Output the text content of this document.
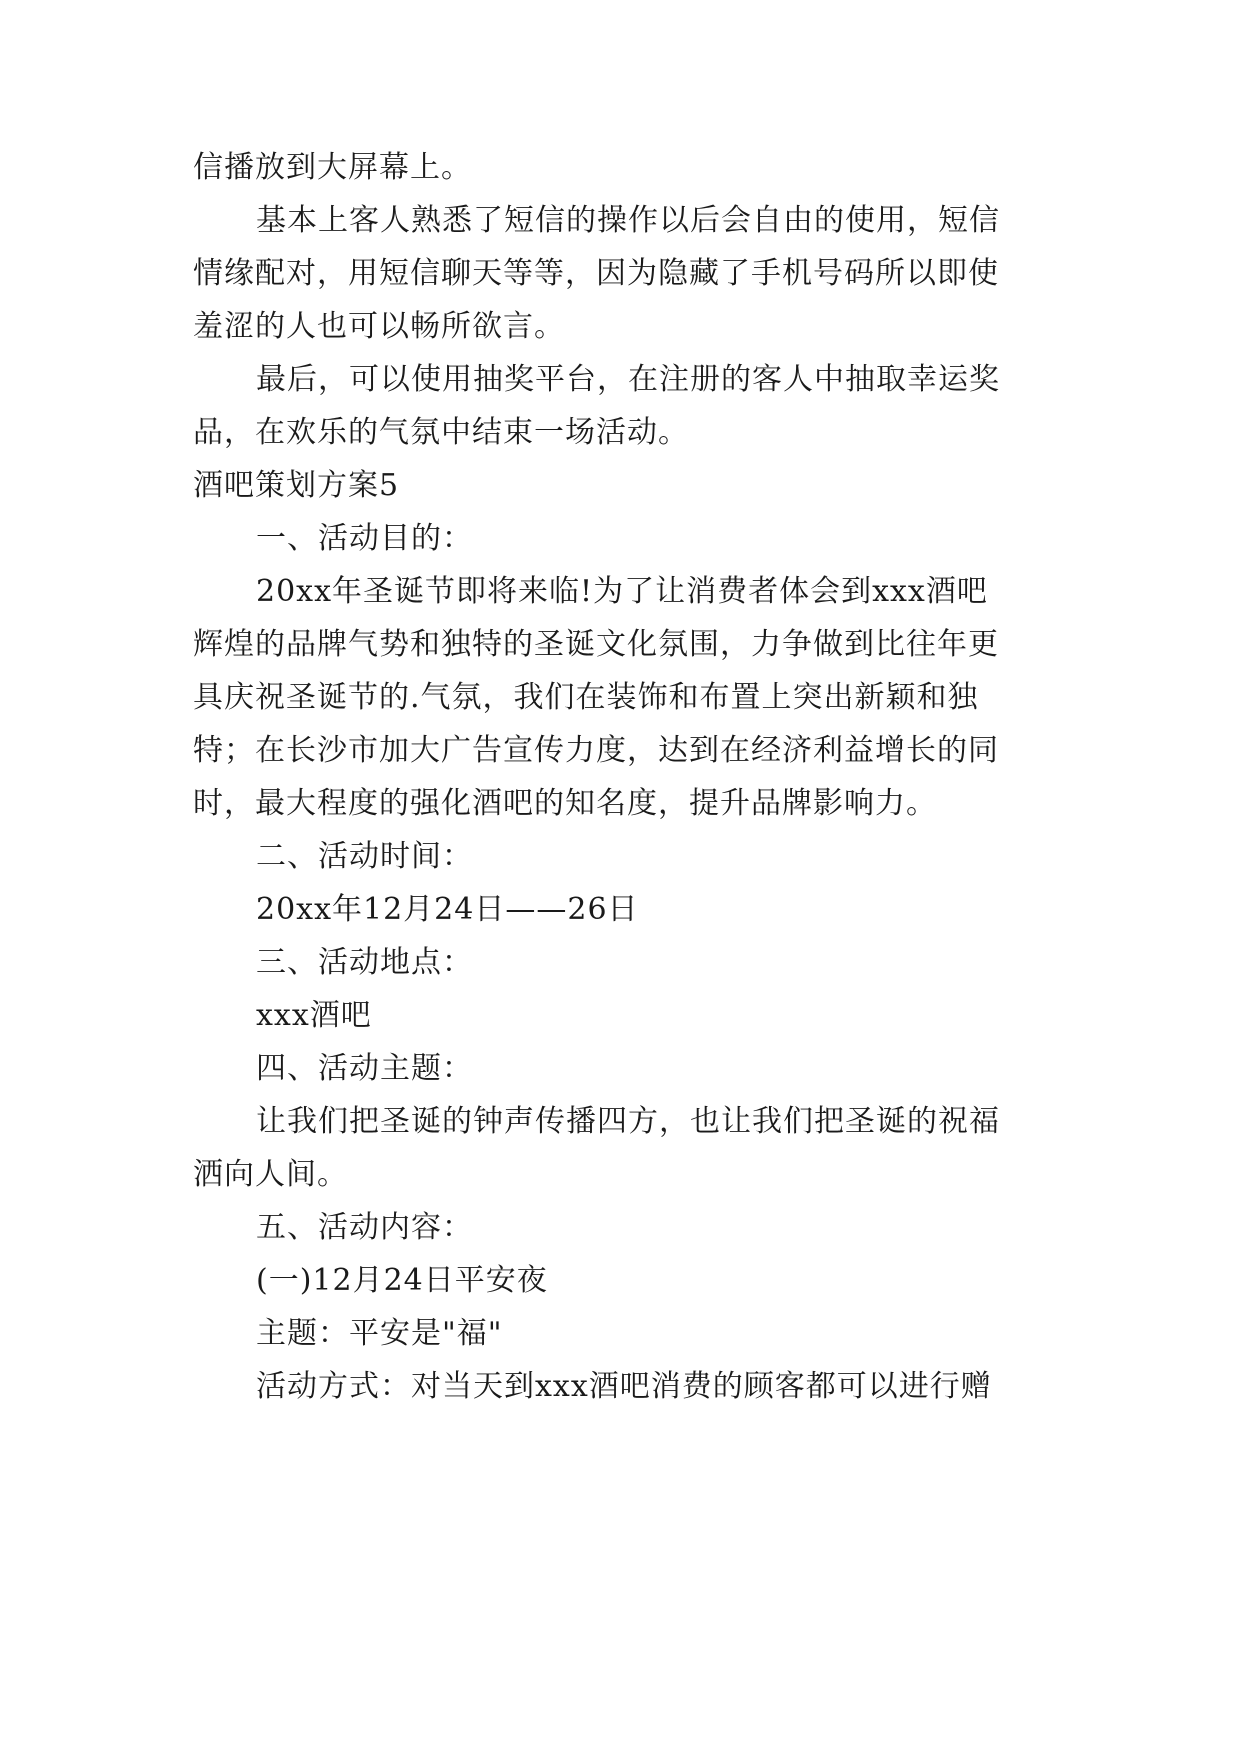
信播放到大屏幕上。
基本上客人熟悉了短信的操作以后会自由的使用，短信
情缘配对，用短信聊天等等，因为隐藏了手机号码所以即使
羞涩的人也可以畅所欲言。
最后，可以使用抽奖平台，在注册的客人中抽取幸运奖
品，在欢乐的气氛中结束一场活动。
酒吧策划方案5
一、活动目的：
20xx年圣诞节即将来临!为了让消费者体会到xxx酒吧
辉煌的品牌气势和独特的圣诞文化氛围，力争做到比往年更
具庆祝圣诞节的.气氛，我们在装饰和布置上突出新颖和独
特；在长沙市加大广告宣传力度，达到在经济利益增长的同
时，最大程度的强化酒吧的知名度，提升品牌影响力。
二、活动时间：
20xx年12月24日——26日
三、活动地点：
xxx酒吧
四、活动主题：
让我们把圣诞的钟声传播四方，也让我们把圣诞的祝福
洒向人间。
五、活动内容：
(一)12月24日平安夜
主题：平安是"福"
活动方式：对当天到xxx酒吧消费的顾客都可以进行赠
